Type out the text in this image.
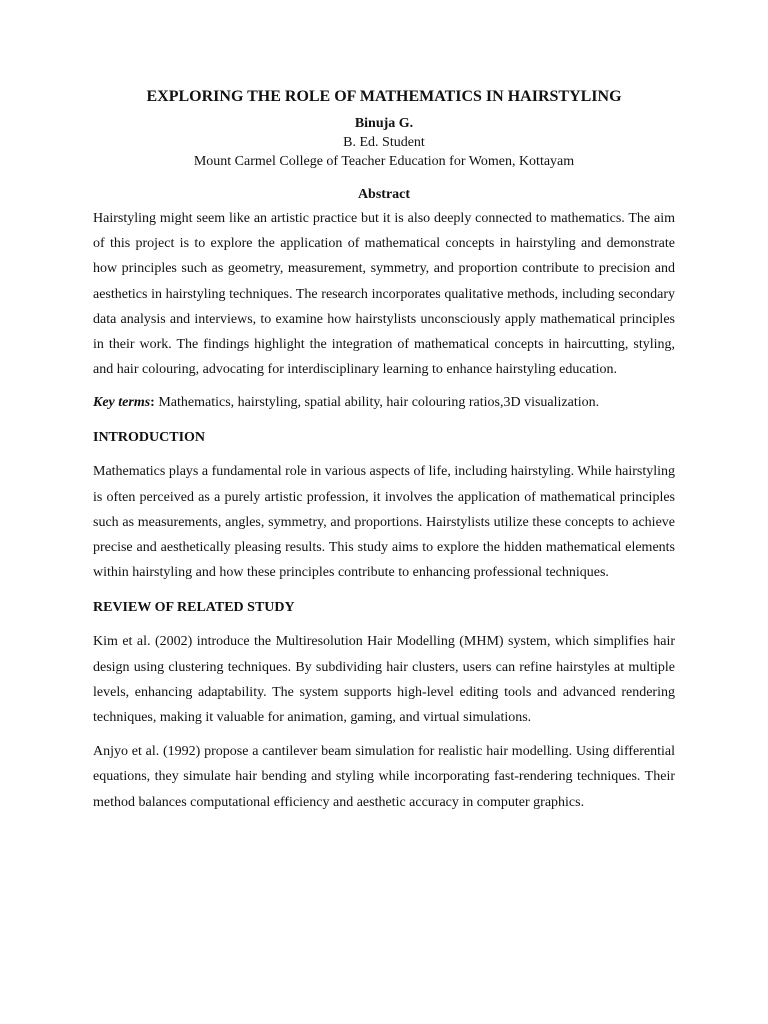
EXPLORING THE ROLE OF MATHEMATICS IN HAIRSTYLING

Binuja G.

B. Ed. Student

Mount Carmel College of Teacher Education for Women, Kottayam

Abstract

Hairstyling might seem like an artistic practice but it is also deeply connected to mathematics. The aim of this project is to explore the application of mathematical concepts in hairstyling and demonstrate how principles such as geometry, measurement, symmetry, and proportion contribute to precision and aesthetics in hairstyling techniques. The research incorporates qualitative methods, including secondary data analysis and interviews, to examine how hairstylists unconsciously apply mathematical principles in their work. The findings highlight the integration of mathematical concepts in haircutting, styling, and hair colouring, advocating for interdisciplinary learning to enhance hairstyling education.

Key terms: Mathematics, hairstyling, spatial ability, hair colouring ratios,3D visualization.

INTRODUCTION

Mathematics plays a fundamental role in various aspects of life, including hairstyling. While hairstyling is often perceived as a purely artistic profession, it involves the application of mathematical principles such as measurements, angles, symmetry, and proportions. Hairstylists utilize these concepts to achieve precise and aesthetically pleasing results. This study aims to explore the hidden mathematical elements within hairstyling and how these principles contribute to enhancing professional techniques.

REVIEW OF RELATED STUDY

Kim et al. (2002) introduce the Multiresolution Hair Modelling (MHM) system, which simplifies hair design using clustering techniques. By subdividing hair clusters, users can refine hairstyles at multiple levels, enhancing adaptability. The system supports high-level editing tools and advanced rendering techniques, making it valuable for animation, gaming, and virtual simulations.

Anjyo et al. (1992) propose a cantilever beam simulation for realistic hair modelling. Using differential equations, they simulate hair bending and styling while incorporating fast-rendering techniques. Their method balances computational efficiency and aesthetic accuracy in computer graphics.
